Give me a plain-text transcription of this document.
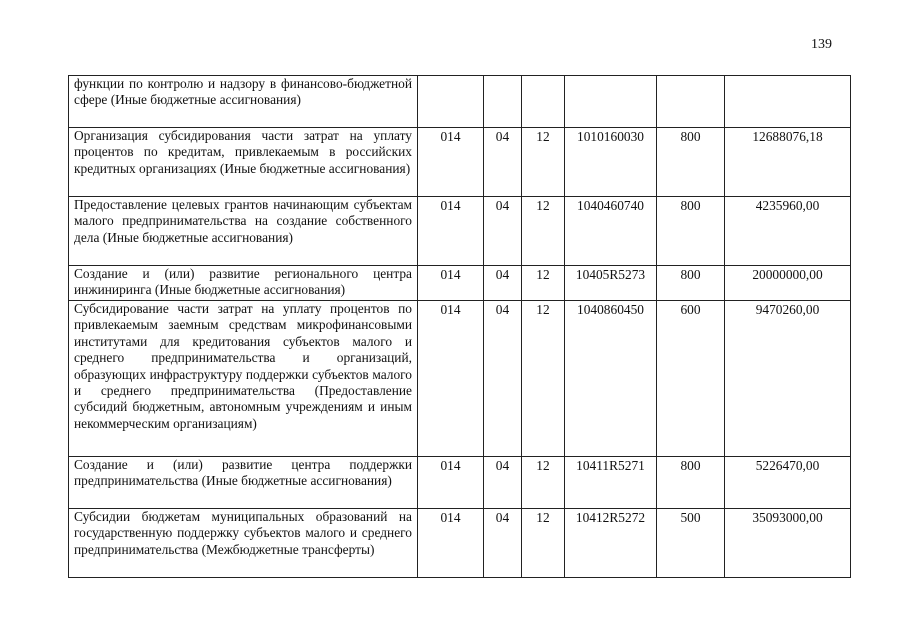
139
функции по контролю и надзору в финансово-бюджетной сфере (Иные бюджетные ассигнования)						
Организация субсидирования части затрат на уплату процентов по кредитам, привлекаемым в российских кредитных организациях (Иные бюджетные ассигнования)	014	04	12	1010160030	800	12688076,18
Предоставление целевых грантов начинающим субъектам малого предпринимательства на создание собственного дела (Иные бюджетные ассигнования)	014	04	12	1040460740	800	4235960,00
Создание и (или) развитие регионального центра инжиниринга (Иные бюджетные ассигнования)	014	04	12	10405R5273	800	20000000,00
Субсидирование части затрат на уплату процентов по привлекаемым заемным средствам микрофинансовыми институтами для кредитования субъектов малого и среднего предпринимательства и организаций, образующих инфраструктуру поддержки субъектов малого и среднего предпринимательства (Предоставление субсидий бюджетным, автономным учреждениям и иным некоммерческим организациям)	014	04	12	1040860450	600	9470260,00
Создание и (или) развитие центра поддержки предпринимательства (Иные бюджетные ассигнования)	014	04	12	10411R5271	800	5226470,00
Субсидии бюджетам муниципальных образований на государственную поддержку субъектов малого и среднего предпринимательства (Межбюджетные трансферты)	014	04	12	10412R5272	500	35093000,00
